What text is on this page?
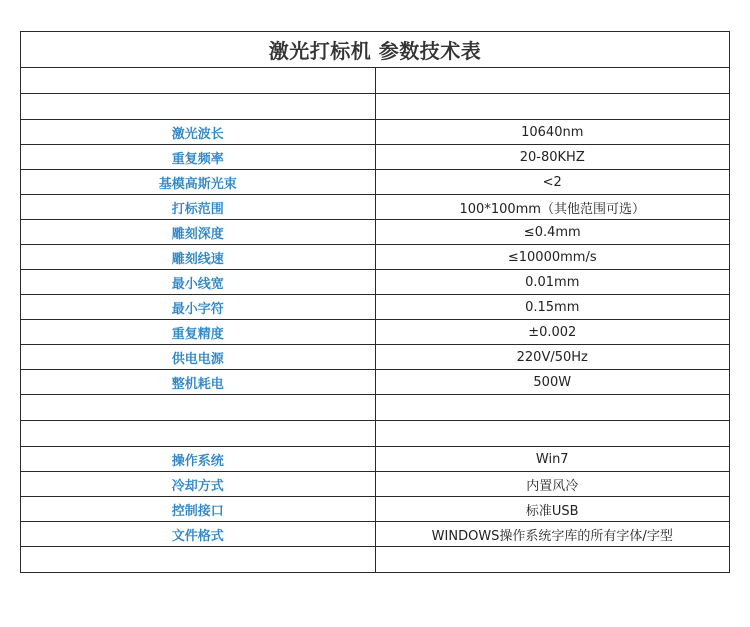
激光打标机 参数技术表	

激光波长	10640nm
重复频率	20-80KHZ
基模高斯光束	<2
打标范围	100*100mm（其他范围可选）
雕刻深度	≤0.4mm
雕刻线速	≤10000mm/s
最小线宽	0.01mm
最小字符	0.15mm
重复精度	±0.002
供电电源	220V/50Hz
整机耗电	500W

操作系统	Win7
冷却方式	内置风冷
控制接口	标准USB
文件格式	WINDOWS操作系统字库的所有字体/字型
